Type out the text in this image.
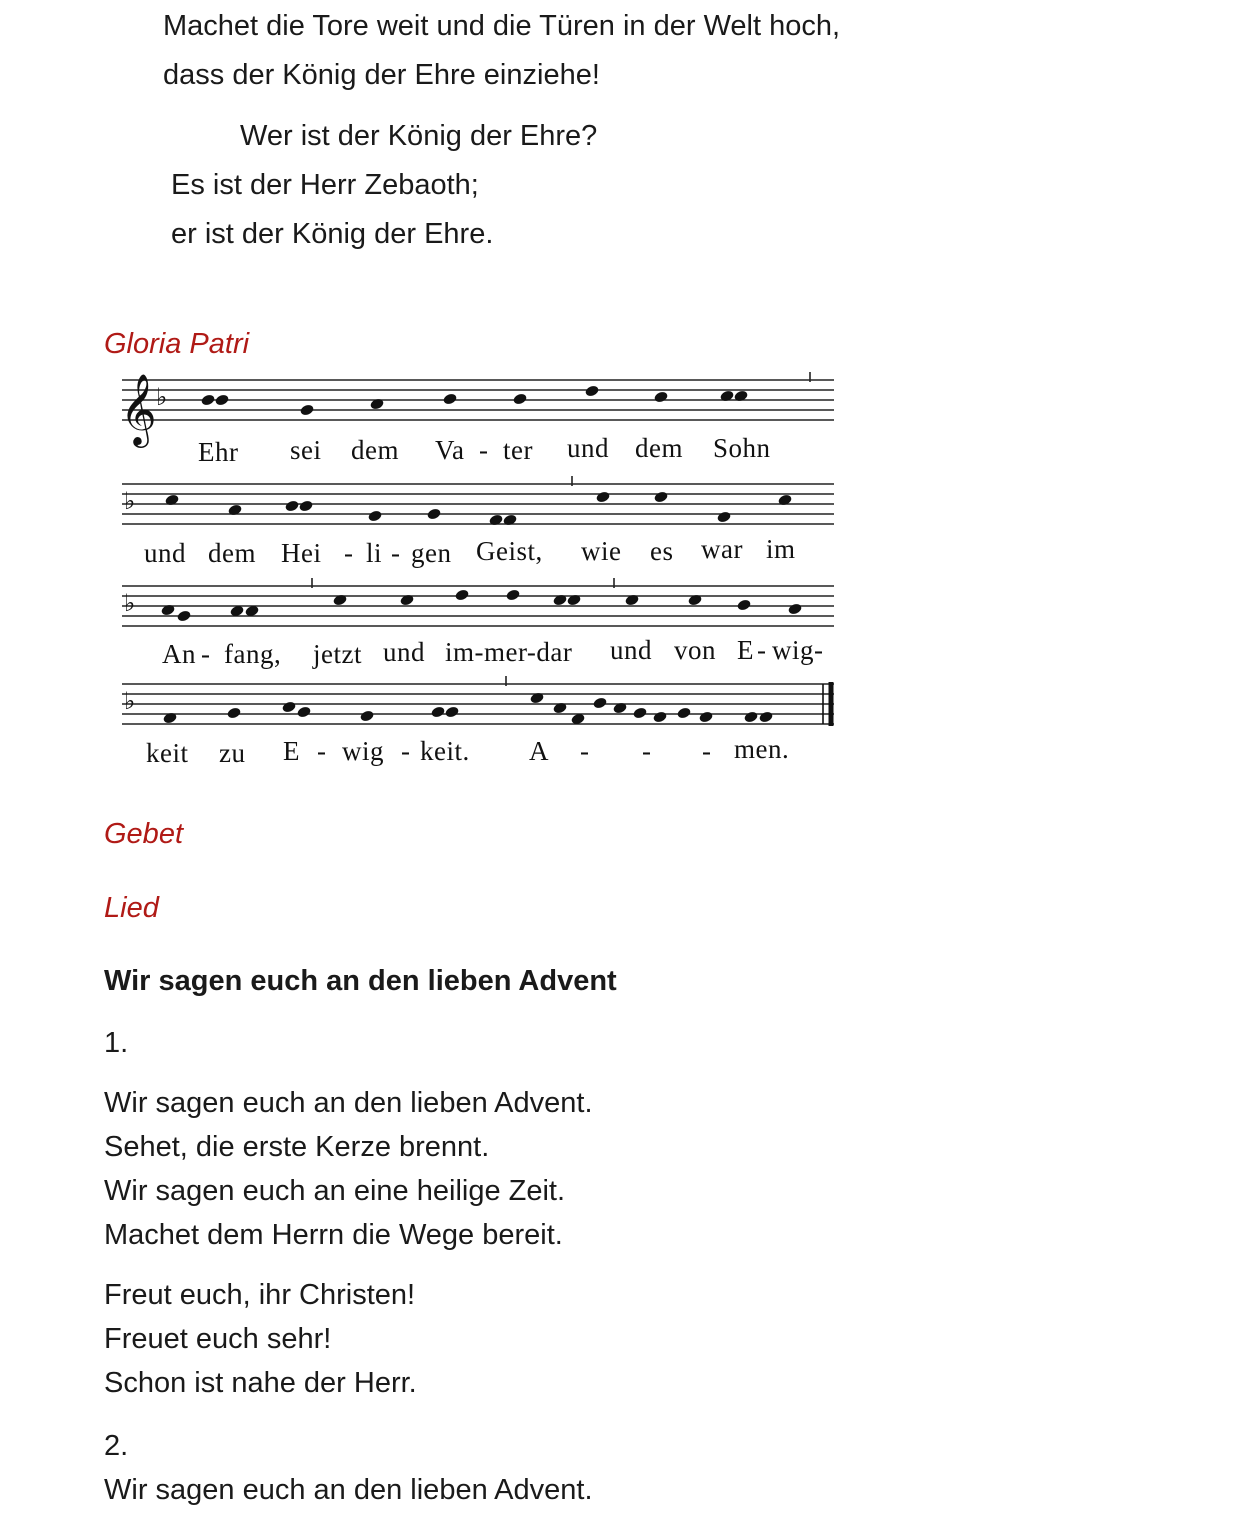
Machet die Tore weit und die Türen in der Welt hoch,
dass der König der Ehre einziehe!
Wer ist der König der Ehre?
Es ist der Herr Zebaoth;
er ist der König der Ehre.
Gloria Patri
𝄞 ♭
Ehr sei dem Va - ter und dem Sohn
♭
und dem Hei - li - gen Geist, wie es war im
♭
An - fang, jetzt und im-mer-dar und von E - wig-
♭
keit zu E - wig - keit. A - - - men.
Gebet
Lied
Wir sagen euch an den lieben Advent
1.
Wir sagen euch an den lieben Advent.
Sehet, die erste Kerze brennt.
Wir sagen euch an eine heilige Zeit.
Machet dem Herrn die Wege bereit.
Freut euch, ihr Christen!
Freuet euch sehr!
Schon ist nahe der Herr.
2.
Wir sagen euch an den lieben Advent.
